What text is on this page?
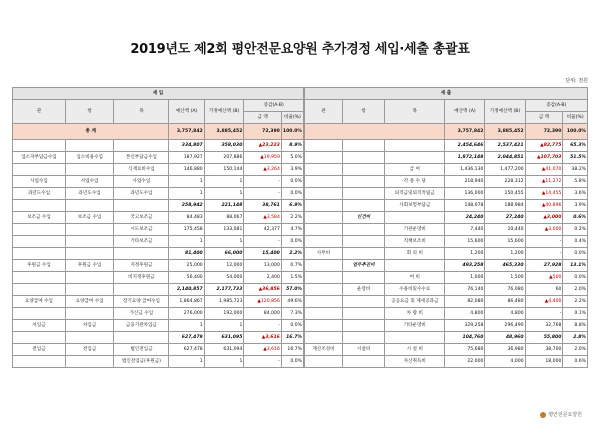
2019년도 제2회 평안전문요양원 추가경정 세입·세출 총괄표
단위: 천원
세 입						
관	항	목	예산액 (A)	기정예산액 (B)	증감(A-B)	
					금 액	비율(%)
총 계			3,757,842	3,885,452	72,390	100.0%
			334,807	358,030	▲23,223	8.9%
입소자부담금수입	입소비용수입	본인부담금수입	187,927	207,886	▲19,959	5.0%
		식재료비수입	146,880	150,144	▲3,264	3.9%
사업수입	사업수입	사업수입	1	1	-	0.0%
과년도수입	과년도수입	과년도수입	1	1	-	0.0%
			258,942	221,148	38,761	6.9%
보조금 수입	보조금 수입	국고보조금	84,483	88,067	▲3,584	2.2%
		시도보조금	175,458	133,081	42,377	4.7%
		기타보조금	1	1	-	0.0%
			81,400	66,000	15,400	2.2%
후원금 수입	후원금 수입	지정후원금	25,000	12,000	13,000	0.7%
		비지정후원금	56,400	54,000	2,400	1.5%
			2,140,857	2,177,733	▲36,856	57.0%
요양급여 수입	요양급여 수입	장기요양 급여수입	1,864,867	1,985,723	▲120,856	49.6%
		가산금 수입	276,000	192,000	84,000	7.3%
차입금	차입금	금융기관차입금	1	1	-	0.0%
			627,479	631,095	▲3,616	16.7%
전입금	전입금	법인전입금	627,478	631,094	▲3,616	16.7%
		법인전입금(후원금)	1	1	-	0.0%
세 출						
관	항	목	예산액 (A)	기정예산액 (B)	증감(A-B)	
					금 액	비율(%)
			3,757,842	3,885,452	72,390	100.0%
			2,454,646	2,537,421	▲82,775	65.3%
			1,872,148	2,044,851	▲107,703	51.5%
		급 여	1,436,130	1,477,200	▲41,070	38.2%
		각 종 수 당	218,940	228,312	▲11,272	5.8%
		퇴직금및퇴직적립금	136,000	150,455	▲14,455	3.6%
		사회보험부담금	148,078	188,984	▲40,896	3.9%
	인건비		24,240	27,240	▲3,000	0.6%
		기관운영비	7,440	10,440	▲3,000	0.2%
		직책보조비	15,600	15,600	-	0.4%
사무비		회 의 비	1,200	1,200	-	0.0%
	업무추진비		493,258	465,330	27,928	13.1%
		여 비	1,000	1,500	▲500	0.0%
	운영비	수용비및수수료	76,140	76,080	60	2.0%
		공공요금 및 제세공과금	82,080	86,480	▲4,400	2.2%
		차 량 비	4,800	4,800	-	0.1%
		기타운영비	329,258	296,490	32,768	8.8%
			104,760	48,960	55,800	2.8%
재산조성비	시설비	시 설 비	75,680	36,980	38,700	2.0%
		자산취득비	22,000	4,000	18,000	0.6%
평안전문요양원
